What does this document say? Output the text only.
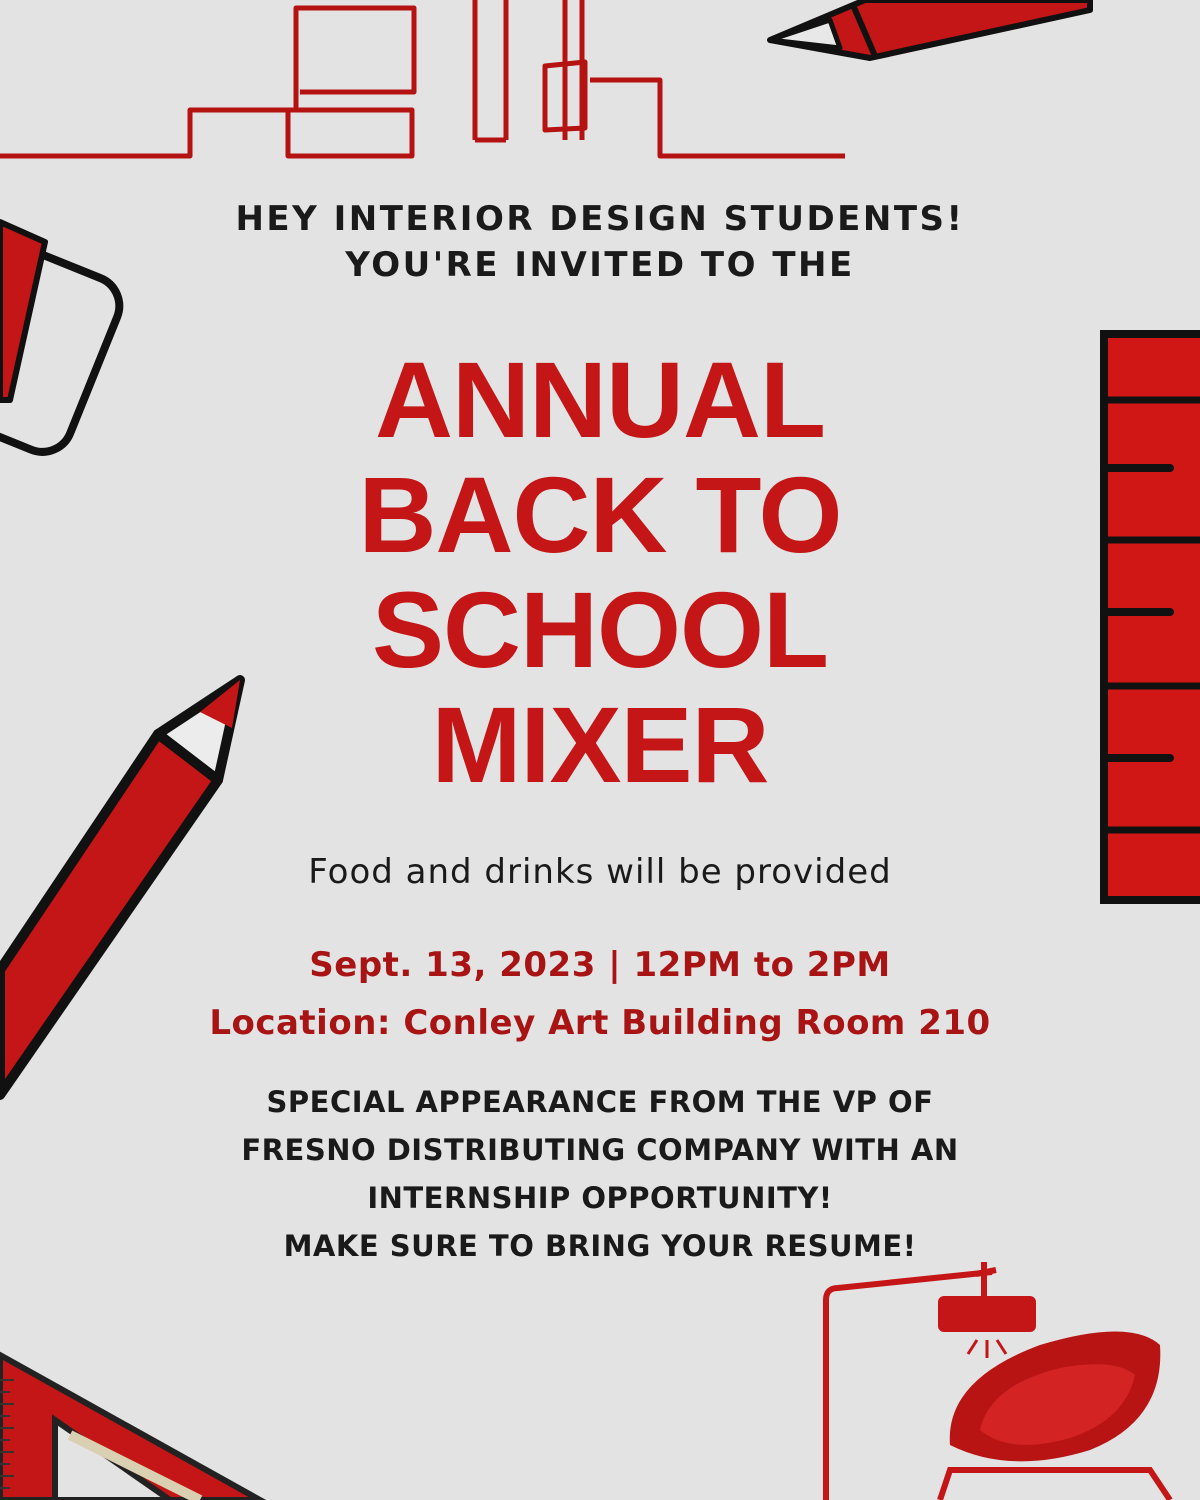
HEY INTERIOR DESIGN STUDENTS!
YOU'RE INVITED TO THE
ANNUAL
BACK TO
SCHOOL
MIXER
Food and drinks will be provided
Sept. 13, 2023 | 12PM to 2PM
Location: Conley Art Building Room 210
SPECIAL APPEARANCE FROM THE VP OF
FRESNO DISTRIBUTING COMPANY WITH AN
INTERNSHIP OPPORTUNITY!
MAKE SURE TO BRING YOUR RESUME!
